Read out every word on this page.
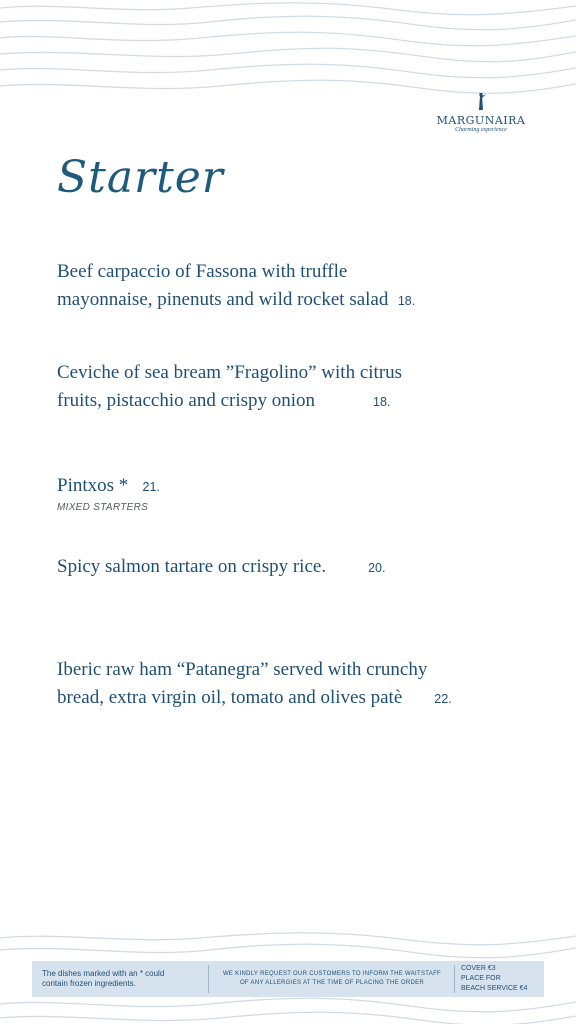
MARGUNAIRA
Charming experience
Starter

Beef carpaccio of Fassona with truffle

mayonnaise, pinenuts and wild rocket salad 18.

Ceviche of sea bream ”Fragolino” with citrus

fruits, pistacchio and crispy onion	18.

Pintxos * 21.

MIXED STARTERS

Spicy salmon tartare on crispy rice.	20.

Iberic raw ham “Patanegra” served with crunchy

bread, extra virgin oil, tomato and olives patè	22.

The dishes marked with an * could
contain frozen ingredients.
WE KINDLY REQUEST OUR CUSTOMERS TO INFORM THE WAITSTAFF
OF ANY ALLERGIES AT THE TIME OF PLACING THE ORDER
COVER €3
PLACE FOR
BEACH SERVICE €4
